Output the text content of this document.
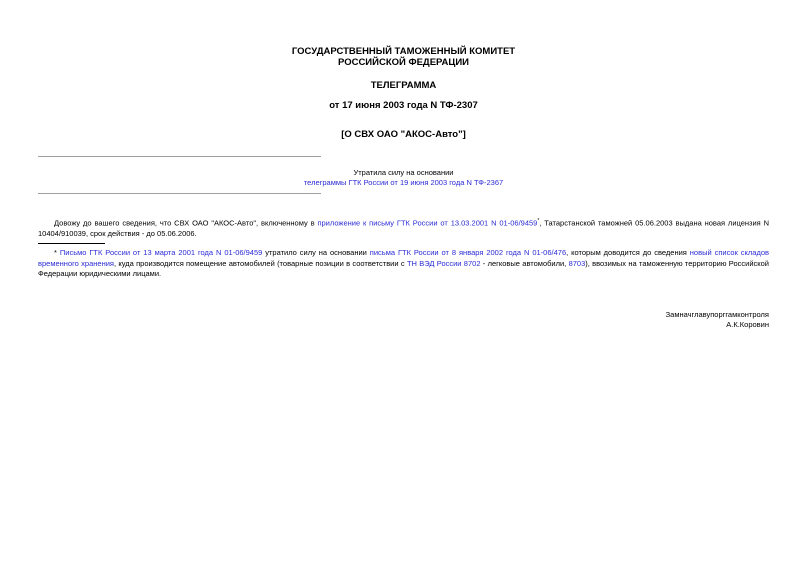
ГОСУДАРСТВЕННЫЙ ТАМОЖЕННЫЙ КОМИТЕТ
РОССИЙСКОЙ ФЕДЕРАЦИИ
ТЕЛЕГРАММА
от 17 июня 2003 года N ТФ-2307
[О СВХ ОАО "АКОС-Авто"]
Утратила силу на основании
телеграммы ГТК России от 19 июня 2003 года N ТФ-2367

Довожу до вашего сведения, что СВХ ОАО "АКОС-Авто", включенному в приложение к письму ГТК России от 13.03.2001 N 01-06/9459*, Татарстанской таможней 05.06.2003 выдана новая лицензия N 10404/910039, срок действия - до 05.06.2006.

* Письмо ГТК России от 13 марта 2001 года N 01-06/9459 утратило силу на основании письма ГТК России от 8 января 2002 года N 01-06/476, которым доводится до сведения новый список складов временного хранения, куда производится помещение автомобилей (товарные позиции в соответствии с ТН ВЭД России 8702 - легковые автомобили, 8703), ввозимых на таможенную территорию Российской Федерации юридическими лицами.

Замначглавупорггамконтроля
А.К.Коровин
